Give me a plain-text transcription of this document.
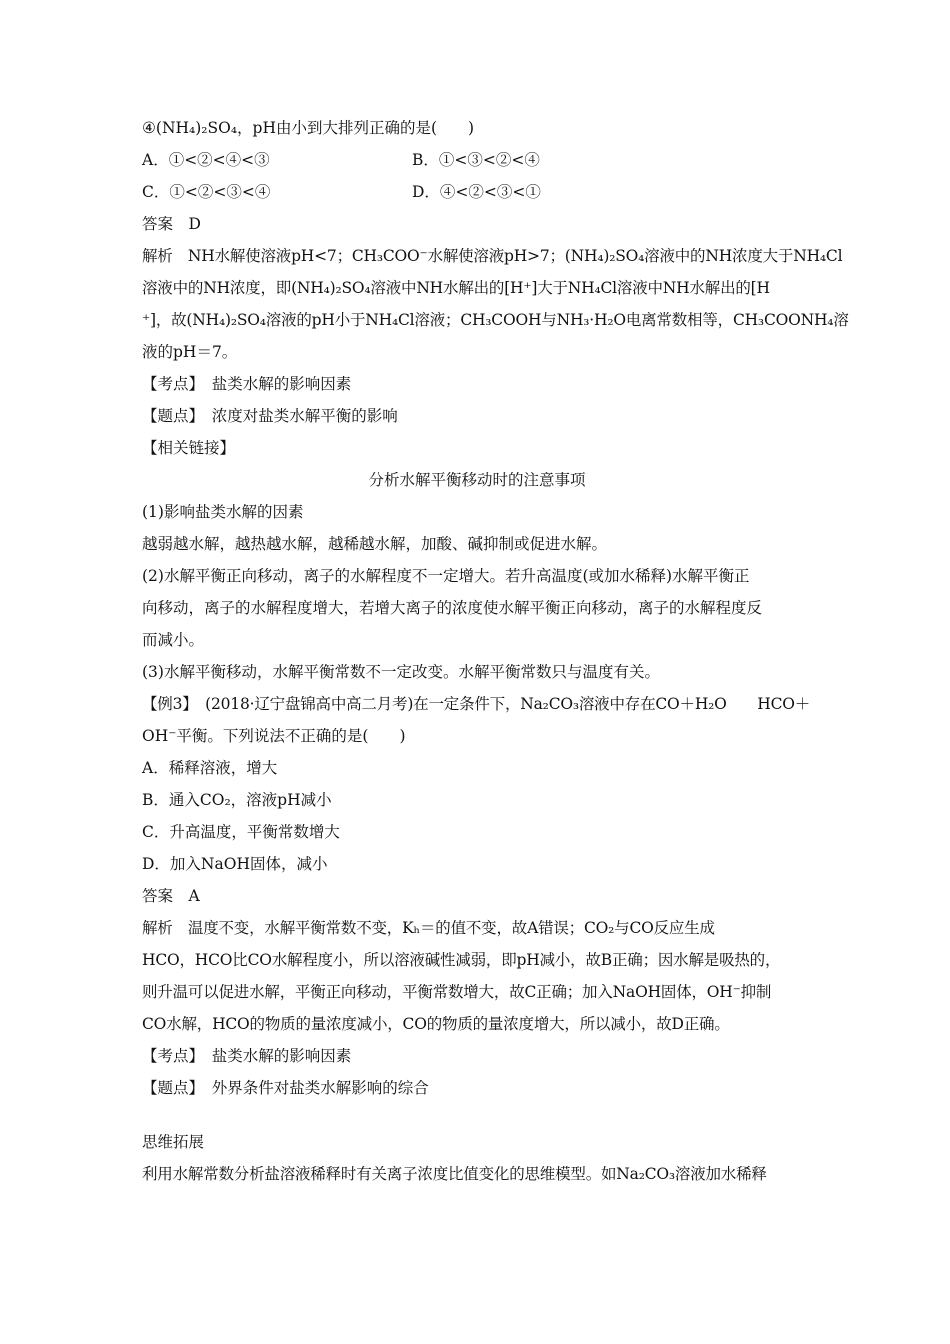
④(NH₄)₂SO₄，pH由小到大排列正确的是(　　)
A．①<②<④<③	B．①<③<②<④
C．①<②<③<④	D．④<②<③<①
答案　D
解析　NH水解使溶液pH<7；CH₃COO⁻水解使溶液pH>7；(NH₄)₂SO₄溶液中的NH浓度大于NH₄Cl
溶液中的NH浓度，即(NH₄)₂SO₄溶液中NH水解出的[H⁺]大于NH₄Cl溶液中NH水解出的[H
⁺]，故(NH₄)₂SO₄溶液的pH小于NH₄Cl溶液；CH₃COOH与NH₃·H₂O电离常数相等，CH₃COONH₄溶
液的pH＝7。
【考点】　盐类水解的影响因素
【题点】　浓度对盐类水解平衡的影响
【相关链接】
分析水解平衡移动时的注意事项
(1)影响盐类水解的因素
越弱越水解，越热越水解，越稀越水解，加酸、碱抑制或促进水解。
(2)水解平衡正向移动，离子的水解程度不一定增大。若升高温度(或加水稀释)水解平衡正
向移动，离子的水解程度增大，若增大离子的浓度使水解平衡正向移动，离子的水解程度反
而减小。
(3)水解平衡移动，水解平衡常数不一定改变。水解平衡常数只与温度有关。
【例3】　(2018·辽宁盘锦高中高二月考)在一定条件下，Na₂CO₃溶液中存在CO＋H₂O　　HCO＋
OH⁻平衡。下列说法不正确的是(　　)
A．稀释溶液，增大
B．通入CO₂，溶液pH减小
C．升高温度，平衡常数增大
D．加入NaOH固体，减小
答案　A
解析　温度不变，水解平衡常数不变，Kₕ＝的值不变，故A错误；CO₂与CO反应生成
HCO，HCO比CO水解程度小，所以溶液碱性减弱，即pH减小，故B正确；因水解是吸热的，
则升温可以促进水解，平衡正向移动，平衡常数增大，故C正确；加入NaOH固体，OH⁻抑制
CO水解，HCO的物质的量浓度减小，CO的物质的量浓度增大，所以减小，故D正确。
【考点】　盐类水解的影响因素
【题点】　外界条件对盐类水解影响的综合
思维拓展
利用水解常数分析盐溶液稀释时有关离子浓度比值变化的思维模型。如Na₂CO₃溶液加水稀释
